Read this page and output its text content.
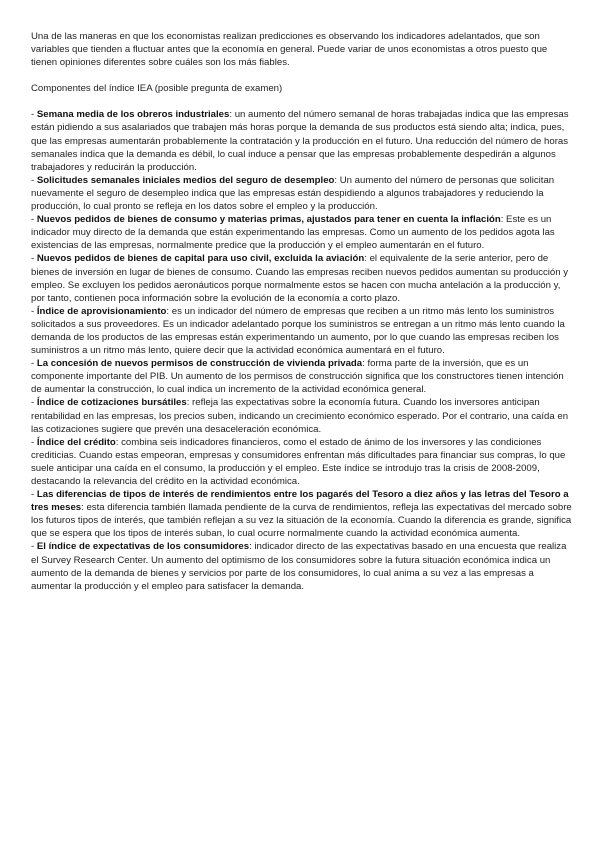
Una de las maneras en que los economistas realizan predicciones es observando los indicadores adelantados, que son variables que tienden a fluctuar antes que la economía en general. Puede variar de unos economistas a otros puesto que tienen opiniones diferentes sobre cuáles son los más fiables.

Componentes del índice IEA (posible pregunta de examen)

- Semana media de los obreros industriales: un aumento del número semanal de horas trabajadas indica que las empresas están pidiendo a sus asalariados que trabajen más horas porque la demanda de sus productos está siendo alta; indica, pues, que las empresas aumentarán probablemente la contratación y la producción en el futuro. Una reducción del número de horas semanales indica que la demanda es débil, lo cual induce a pensar que las empresas probablemente despedirán a algunos trabajadores y reducirán la producción.

- Solicitudes semanales iniciales medios del seguro de desempleo: Un aumento del número de personas que solicitan nuevamente el seguro de desempleo indica que las empresas están despidiendo a algunos trabajadores y reduciendo la producción, lo cual pronto se refleja en los datos sobre el empleo y la producción.

- Nuevos pedidos de bienes de consumo y materias primas, ajustados para tener en cuenta la inflación: Este es un indicador muy directo de la demanda que están experimentando las empresas. Como un aumento de los pedidos agota las existencias de las empresas, normalmente predice que la producción y el empleo aumentarán en el futuro.

- Nuevos pedidos de bienes de capital para uso civil, excluida la aviación: el equivalente de la serie anterior, pero de bienes de inversión en lugar de bienes de consumo. Cuando las empresas reciben nuevos pedidos aumentan su producción y empleo. Se excluyen los pedidos aeronáuticos porque normalmente estos se hacen con mucha antelación a la producción y, por tanto, contienen poca información sobre la evolución de la economía a corto plazo.

- Índice de aprovisionamiento: es un indicador del número de empresas que reciben a un ritmo más lento los suministros solicitados a sus proveedores. Es un indicador adelantado porque los suministros se entregan a un ritmo más lento cuando la demanda de los productos de las empresas están experimentando un aumento, por lo que cuando las empresas reciben los suministros a un ritmo más lento, quiere decir que la actividad económica aumentará en el futuro.

- La concesión de nuevos permisos de construcción de vivienda privada: forma parte de la inversión, que es un componente importante del PIB. Un aumento de los permisos de construcción significa que los constructores tienen intención de aumentar la construcción, lo cual indica un incremento de la actividad económica general.

- Índice de cotizaciones bursátiles: refleja las expectativas sobre la economía futura. Cuando los inversores anticipan rentabilidad en las empresas, los precios suben, indicando un crecimiento económico esperado. Por el contrario, una caída en las cotizaciones sugiere que prevén una desaceleración económica.

- Índice del crédito: combina seis indicadores financieros, como el estado de ánimo de los inversores y las condiciones crediticias. Cuando estas empeoran, empresas y consumidores enfrentan más dificultades para financiar sus compras, lo que suele anticipar una caída en el consumo, la producción y el empleo. Este índice se introdujo tras la crisis de 2008-2009, destacando la relevancia del crédito en la actividad económica.

- Las diferencias de tipos de interés de rendimientos entre los pagarés del Tesoro a diez años y las letras del Tesoro a tres meses: esta diferencia también llamada pendiente de la curva de rendimientos, refleja las expectativas del mercado sobre los futuros tipos de interés, que también reflejan a su vez la situación de la economía. Cuando la diferencia es grande, significa que se espera que los tipos de interés suban, lo cual ocurre normalmente cuando la actividad económica aumenta.

- El índice de expectativas de los consumidores: indicador directo de las expectativas basado en una encuesta que realiza el Survey Research Center. Un aumento del optimismo de los consumidores sobre la futura situación económica indica un aumento de la demanda de bienes y servicios por parte de los consumidores, lo cual anima a su vez a las empresas a aumentar la producción y el empleo para satisfacer la demanda.
